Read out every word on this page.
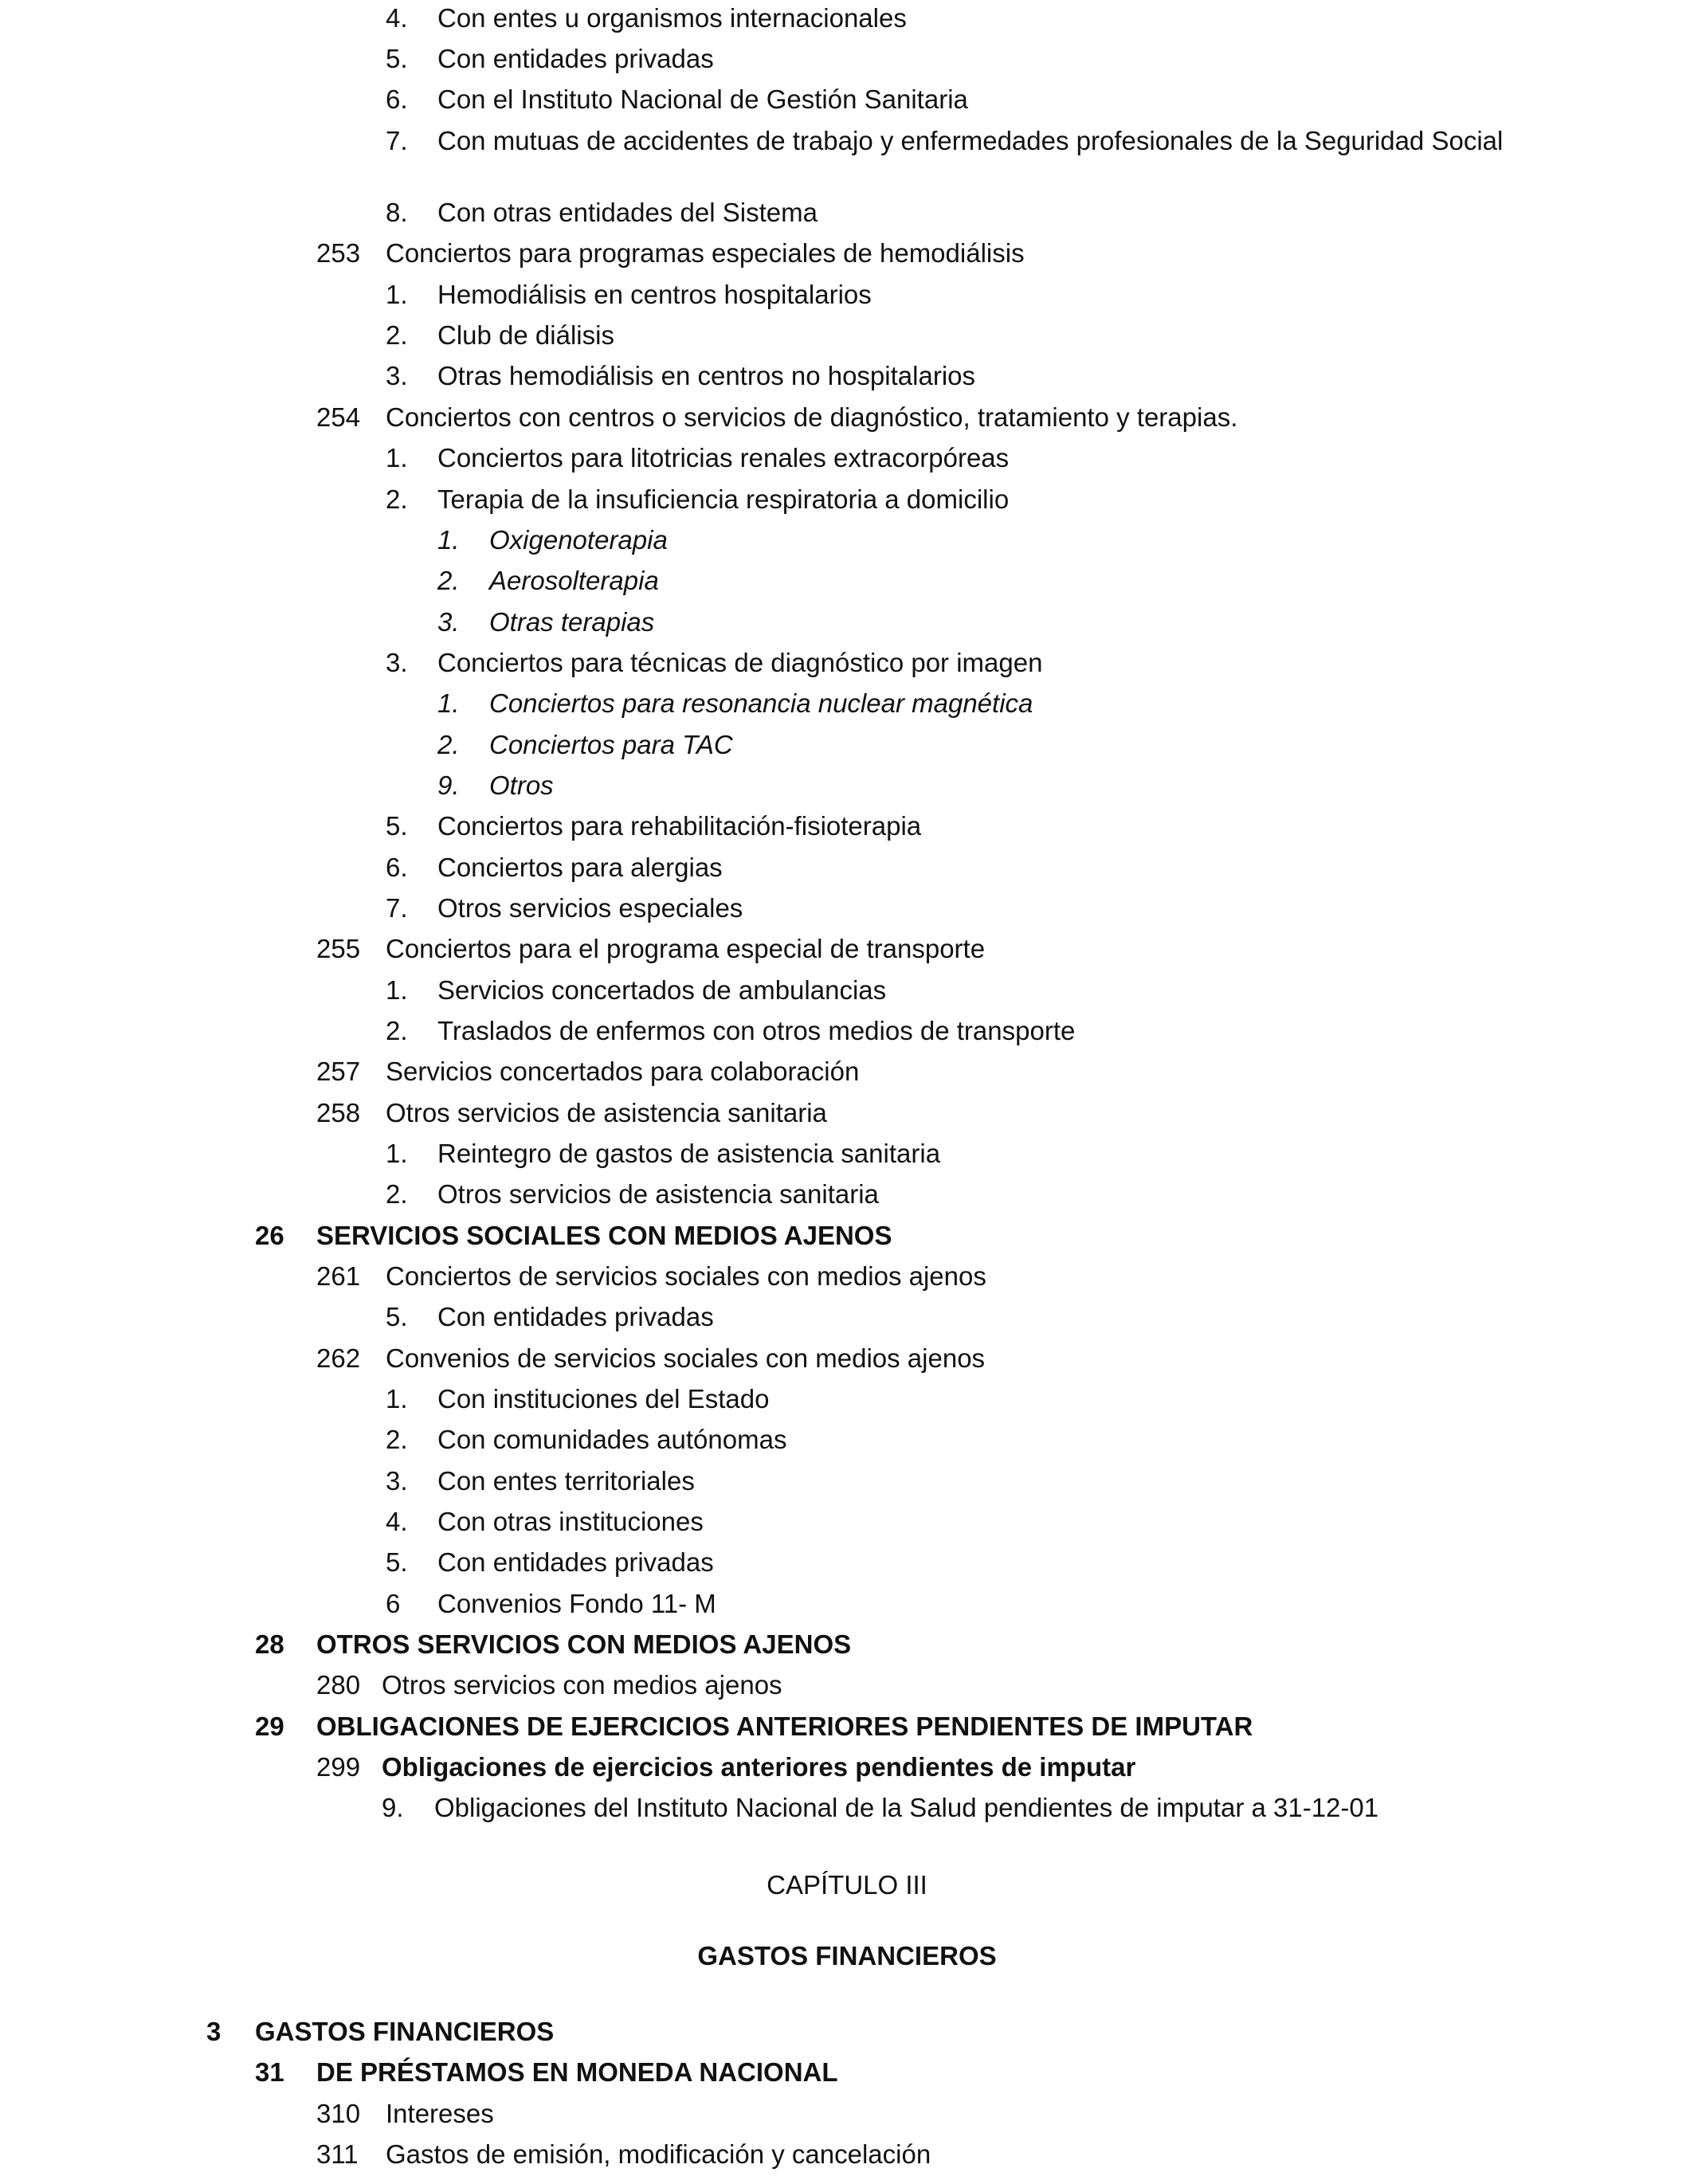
4. Con entes u organismos internacionales
5. Con entidades privadas
6. Con el Instituto Nacional de Gestión Sanitaria
7. Con mutuas de accidentes de trabajo y enfermedades profesionales de la Seguridad Social
8. Con otras entidades del Sistema
253 Conciertos para programas especiales de hemodiálisis
1. Hemodiálisis en centros hospitalarios
2. Club de diálisis
3. Otras hemodiálisis en centros no hospitalarios
254 Conciertos con centros o servicios de diagnóstico, tratamiento y terapias.
1. Conciertos para litotricias renales extracorpóreas
2. Terapia de la insuficiencia respiratoria a domicilio
1. Oxigenoterapia
2. Aerosolterapia
3. Otras terapias
3. Conciertos para técnicas de diagnóstico por imagen
1. Conciertos para resonancia nuclear magnética
2. Conciertos para TAC
9. Otros
5. Conciertos para rehabilitación-fisioterapia
6. Conciertos para alergias
7. Otros servicios especiales
255 Conciertos para el programa especial de transporte
1. Servicios concertados de ambulancias
2. Traslados de enfermos con otros medios de transporte
257 Servicios concertados para colaboración
258 Otros servicios de asistencia sanitaria
1. Reintegro de gastos de asistencia sanitaria
2. Otros servicios de asistencia sanitaria
26 SERVICIOS SOCIALES CON MEDIOS AJENOS
261 Conciertos de servicios sociales con medios ajenos
5. Con entidades privadas
262 Convenios de servicios sociales con medios ajenos
1. Con instituciones del Estado
2. Con comunidades autónomas
3. Con entes territoriales
4. Con otras instituciones
5. Con entidades privadas
6 Convenios Fondo 11- M
28 OTROS SERVICIOS CON MEDIOS AJENOS
280 Otros servicios con medios ajenos
29 OBLIGACIONES DE EJERCICIOS ANTERIORES PENDIENTES DE IMPUTAR
299 Obligaciones de ejercicios anteriores pendientes de imputar
9. Obligaciones del Instituto Nacional de la Salud pendientes de imputar a 31-12-01
CAPÍTULO III
GASTOS FINANCIEROS
3 GASTOS FINANCIEROS
31 DE PRÉSTAMOS EN MONEDA NACIONAL
310 Intereses
311 Gastos de emisión, modificación y cancelación
